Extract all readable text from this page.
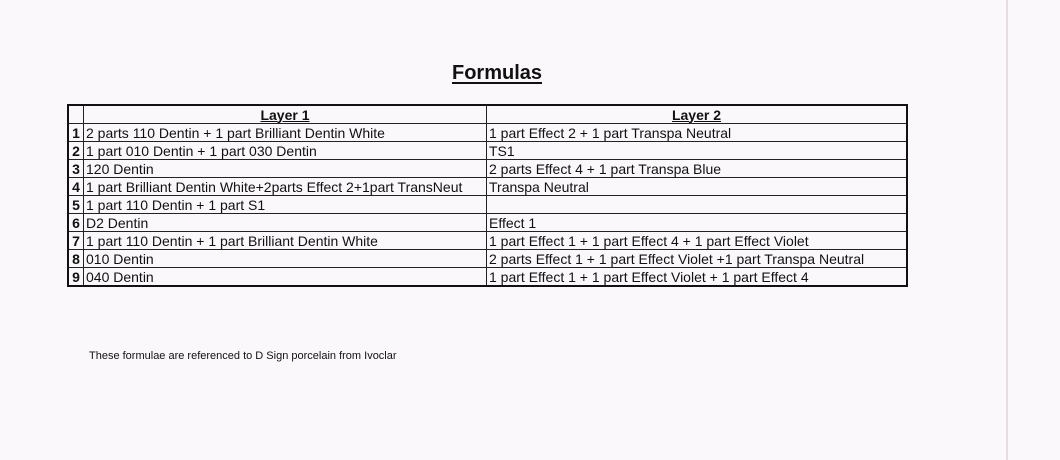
Formulas
	Layer 1	Layer 2
1	2 parts 110 Dentin + 1 part Brilliant Dentin White	1 part Effect 2 + 1 part Transpa Neutral
2	1 part 010 Dentin + 1 part 030 Dentin	TS1
3	120 Dentin	2 parts Effect 4 + 1 part Transpa Blue
4	1 part Brilliant Dentin White+2parts Effect 2+1part TransNeut	Transpa Neutral
5	1 part 110 Dentin + 1 part S1	
6	D2 Dentin	Effect 1
7	1 part 110 Dentin + 1 part Brilliant Dentin White	1 part Effect 1 + 1 part Effect 4 + 1 part Effect Violet
8	010 Dentin	2 parts Effect 1 + 1 part Effect Violet +1 part Transpa Neutral
9	040 Dentin	1 part Effect 1 + 1 part Effect Violet + 1 part Effect 4
These formulae are referenced to D Sign porcelain from Ivoclar
